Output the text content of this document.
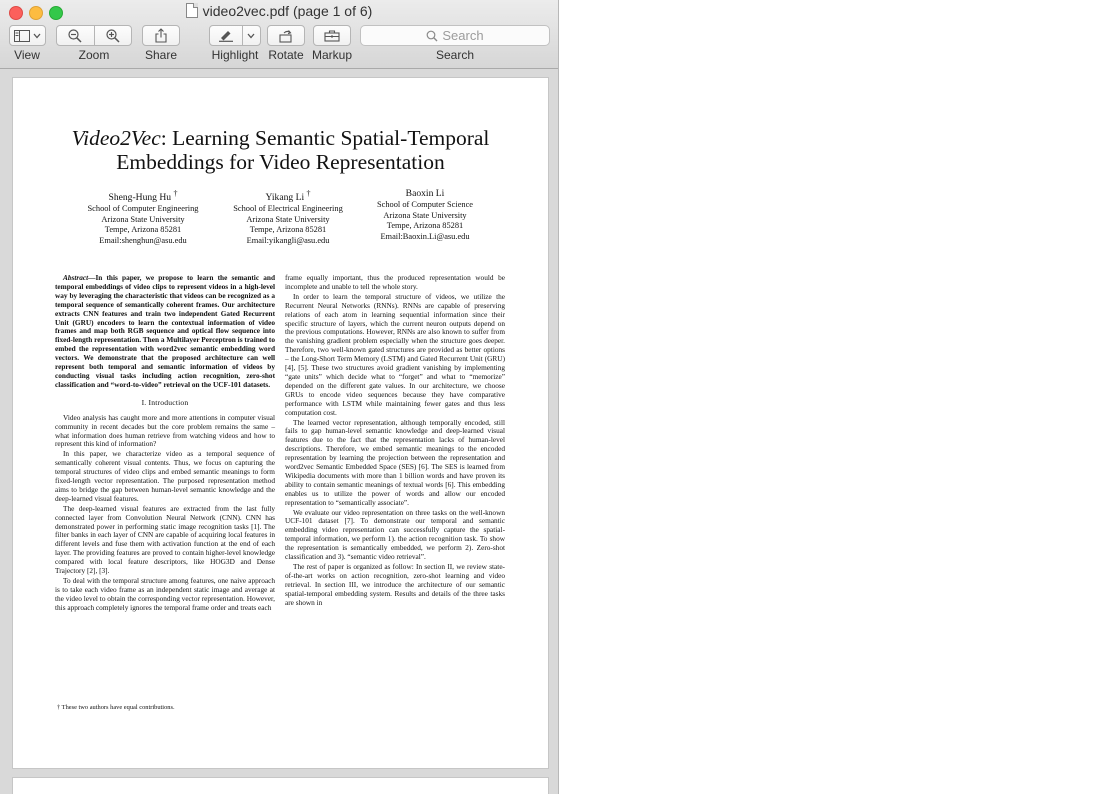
video2vec.pdf (page 1 of 6)
View	Zoom	Share	Highlight Rotate Markup
Search
Search
Video2Vec: Learning Semantic Spatial-Temporal
Embeddings for Video Representation
Sheng-Hung Hu †
School of Computer Engineering
Arizona State University
Tempe, Arizona 85281
Email:shenghun@asu.edu
Yikang Li †
School of Electrical Engineering
Arizona State University
Tempe, Arizona 85281
Email:yikangli@asu.edu
Baoxin Li
School of Computer Science
Arizona State University
Tempe, Arizona 85281
Email:Baoxin.Li@asu.edu

Abstract—In this paper, we propose to learn the semantic and temporal embeddings of video clips to represent videos in a high-level way by leveraging the characteristic that videos can be recognized as a temporal sequence of semantically coherent frames. Our architecture extracts CNN features and train two independent Gated Recurrent Unit (GRU) encoders to learn the contextual information of video frames and map both RGB sequence and optical flow sequence into fixed-length representation. Then a Multilayer Perceptron is trained to embed the representation with word2vec semantic embedding word vectors. We demonstrate that the proposed architecture can well represent both temporal and semantic information of videos by conducting visual tasks including action recognition, zero-shot classification and “word-to-video” retrieval on the UCF-101 datasets.

I. Introduction

Video analysis has caught more and more attentions in computer visual community in recent decades but the core problem remains the same – what information does human retrieve from watching videos and how to represent this kind of information?

In this paper, we characterize video as a temporal sequence of semantically coherent visual contents. Thus, we focus on capturing the temporal structures of video clips and embed semantic meanings to form fixed-length vector representation. The purposed representation method aims to bridge the gap between human-level semantic knowledge and the deep-learned visual features.

The deep-learned visual features are extracted from the last fully connected layer from Convolution Neural Network (CNN). CNN has demonstrated power in performing static image recognition tasks [1]. The filter banks in each layer of CNN are capable of acquiring local features in different levels and fuse them with activation function at the end of each layer. The providing features are proved to contain higher-level knowledge compared with local feature descriptors, like HOG3D and Dense Trajectory [2], [3].

To deal with the temporal structure among features, one naive approach is to take each video frame as an independent static image and average at the video level to obtain the corresponding vector representation. However, this approach completely ignores the temporal frame order and treats each

frame equally important, thus the produced representation would be incomplete and unable to tell the whole story.

In order to learn the temporal structure of videos, we utilize the Recurrent Neural Networks (RNNs). RNNs are capable of preserving relations of each atom in learning sequential information since their specific structure of layers, which the current neuron outputs depend on the previous computations. However, RNNs are also known to suffer from the vanishing gradient problem especially when the structure goes deeper. Therefore, two well-known gated structures are provided as better options – the Long-Short Term Memory (LSTM) and Gated Recurrent Unit (GRU) [4], [5]. These two structures avoid gradient vanishing by implementing “gate units” which decide what to “forget” and what to “memorize” depended on the different gate values. In our architecture, we choose GRUs to encode video sequences because they have comparative performance with LSTM while maintaining fewer gates and thus less computation cost.

The learned vector representation, although temporally encoded, still fails to gap human-level semantic knowledge and deep-learned visual features due to the fact that the representation lacks of human-level descriptions. Therefore, we embed semantic meanings to the encoded representation by learning the projection between the representation and word2vec Semantic Embedded Space (SES) [6]. The SES is learned from Wikipedia documents with more than 1 billion words and have proven its ability to contain semantic meanings of textual words [6]. This embedding enables us to utilize the power of words and allow our encoded representation to “semantically associate”.

We evaluate our video representation on three tasks on the well-known UCF-101 dataset [7]. To demonstrate our temporal and semantic embedding video representation can successfully capture the spatial-temporal information, we perform 1). the action recognition task. To show the representation is semantically embedded, we perform 2). Zero-shot classification and 3). “semantic video retrieval”.

The rest of paper is organized as follow: In section II, we review state-of-the-art works on action recognition, zero-shot learning and video retrieval. In section III, we introduce the architecture of our semantic spatial-temporal embedding system. Results and details of the three tasks are shown in

† These two authors have equal contributions.
